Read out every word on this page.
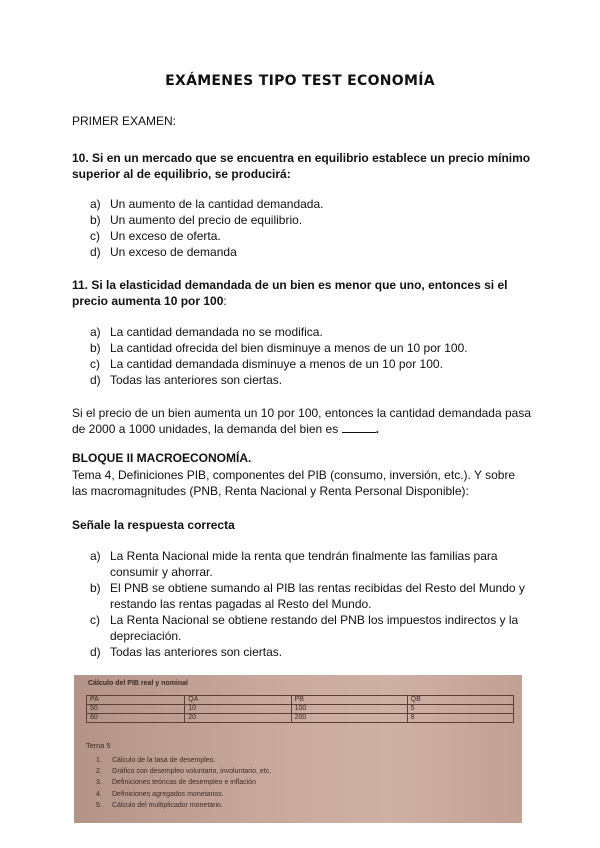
EXÁMENES TIPO TEST ECONOMÍA
PRIMER EXAMEN:
10. Si en un mercado que se encuentra en equilibrio establece un precio mínimo superior al de equilibrio, se producirá:
a) Un aumento de la cantidad demandada.
b) Un aumento del precio de equilibrio.
c) Un exceso de oferta.
d) Un exceso de demanda
11. Si la elasticidad demandada de un bien es menor que uno, entonces si el precio aumenta 10 por 100:
a) La cantidad demandada no se modifica.
b) La cantidad ofrecida del bien disminuye a menos de un 10 por 100.
c) La cantidad demandada disminuye a menos de un 10 por 100.
d) Todas las anteriores son ciertas.
Si el precio de un bien aumenta un 10 por 100, entonces la cantidad demandada pasa de 2000 a 1000 unidades, la demanda del bien es	.
BLOQUE II MACROECONOMÍA.
Tema 4, Definiciones PIB, componentes del PIB (consumo, inversión, etc.). Y sobre las macromagnitudes (PNB, Renta Nacional y Renta Personal Disponible):
Señale la respuesta correcta
a) La Renta Nacional mide la renta que tendrán finalmente las familias para consumir y ahorrar.
b) El PNB se obtiene sumando al PIB las rentas recibidas del Resto del Mundo y restando las rentas pagadas al Resto del Mundo.
c) La Renta Nacional se obtiene restando del PNB los impuestos indirectos y la depreciación.
d) Todas las anteriores son ciertas.
Cálculo del PIB real y nominal
PA	QA	PB	QB
50	10	100	5
60	20	200	8
Tema 5
1. Cálculo de la tasa de desempleo.
2. Gráfico con desempleo voluntario, involuntario, etc.
3. Definiciones teóricas de desempleo e inflación
4. Definiciones agregados monetarios.
5. Cálculo del multiplicador monetario.
